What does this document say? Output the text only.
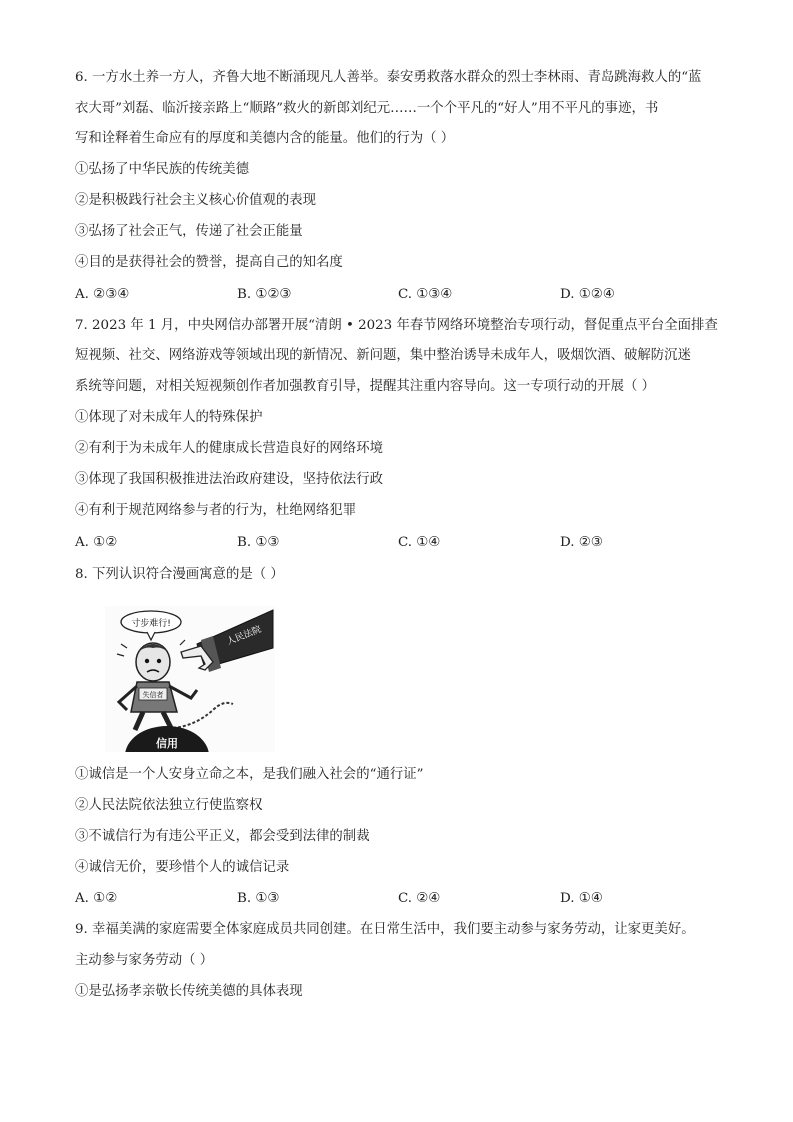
6. 一方水土养一方人，齐鲁大地不断涌现凡人善举。泰安勇救落水群众的烈士李林雨、青岛跳海救人的“蓝
衣大哥”刘磊、临沂接亲路上“顺路”救火的新郎刘纪元……一个个平凡的“好人”用不平凡的事迹，书
写和诠释着生命应有的厚度和美德内含的能量。他们的行为（ ）
①弘扬了中华民族的传统美德
②是积极践行社会主义核心价值观的表现
③弘扬了社会正气，传递了社会正能量
④目的是获得社会的赞誉，提高自己的知名度
A. ②③④	B. ①②③	C. ①③④	D. ①②④
7. 2023 年 1 月，中央网信办部署开展“清朗 • 2023 年春节网络环境整治专项行动，督促重点平台全面排查
短视频、社交、网络游戏等领域出现的新情况、新问题，集中整治诱导未成年人，吸烟饮酒、破解防沉迷
系统等问题，对相关短视频创作者加强教育引导，提醒其注重内容导向。这一专项行动的开展（ ）
①体现了对未成年人的特殊保护
②有利于为未成年人的健康成长营造良好的网络环境
③体现了我国积极推进法治政府建设，坚持依法行政
④有利于规范网络参与者的行为，杜绝网络犯罪
A. ①②	B. ①③	C. ①④	D. ②③
8. 下列认识符合漫画寓意的是（ ）
寸步难行!
失信者
信用
人民法院
①诚信是一个人安身立命之本，是我们融入社会的“通行证”
②人民法院依法独立行使监察权
③不诚信行为有违公平正义，都会受到法律的制裁
④诚信无价，要珍惜个人的诚信记录
A. ①②	B. ①③	C. ②④	D. ①④
9. 幸福美满的家庭需要全体家庭成员共同创建。在日常生活中，我们要主动参与家务劳动，让家更美好。
主动参与家务劳动（ ）
①是弘扬孝亲敬长传统美德的具体表现
